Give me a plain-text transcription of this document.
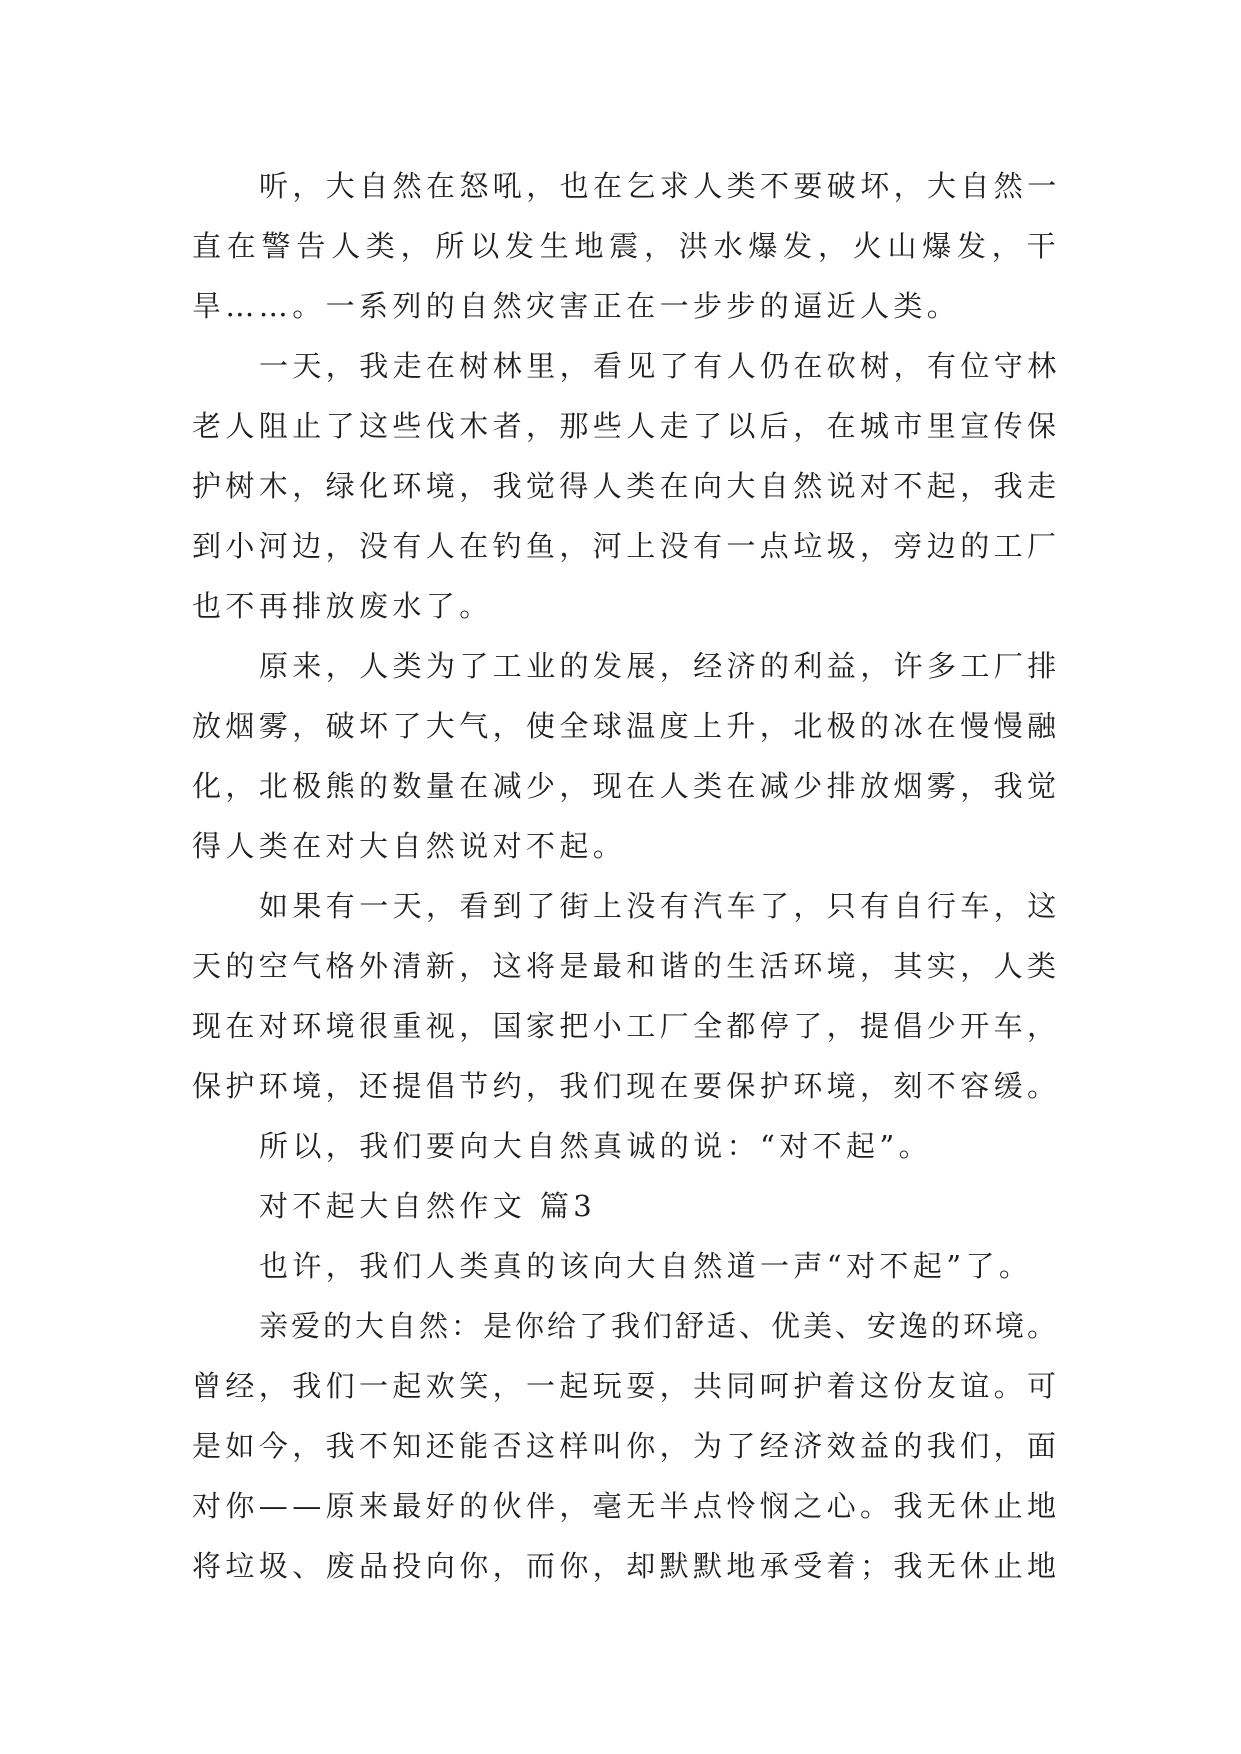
听，大自然在怒吼，也在乞求人类不要破坏，大自然一
直在警告人类，所以发生地震，洪水爆发，火山爆发，干
旱……。一系列的自然灾害正在一步步的逼近人类。
一天，我走在树林里，看见了有人仍在砍树，有位守林
老人阻止了这些伐木者，那些人走了以后，在城市里宣传保
护树木，绿化环境，我觉得人类在向大自然说对不起，我走
到小河边，没有人在钓鱼，河上没有一点垃圾，旁边的工厂
也不再排放废水了。
原来，人类为了工业的发展，经济的利益，许多工厂排
放烟雾，破坏了大气，使全球温度上升，北极的冰在慢慢融
化，北极熊的数量在减少，现在人类在减少排放烟雾，我觉
得人类在对大自然说对不起。
如果有一天，看到了街上没有汽车了，只有自行车，这
天的空气格外清新，这将是最和谐的生活环境，其实，人类
现在对环境很重视，国家把小工厂全都停了，提倡少开车，
保护环境，还提倡节约，我们现在要保护环境，刻不容缓。
所以，我们要向大自然真诚的说：“对不起”。
对不起大自然作文 篇3
也许，我们人类真的该向大自然道一声“对不起”了。
亲爱的大自然：是你给了我们舒适、优美、安逸的环境。
曾经，我们一起欢笑，一起玩耍，共同呵护着这份友谊。可
是如今，我不知还能否这样叫你，为了经济效益的我们，面
对你——原来最好的伙伴，毫无半点怜悯之心。我无休止地
将垃圾、废品投向你，而你，却默默地承受着；我无休止地
